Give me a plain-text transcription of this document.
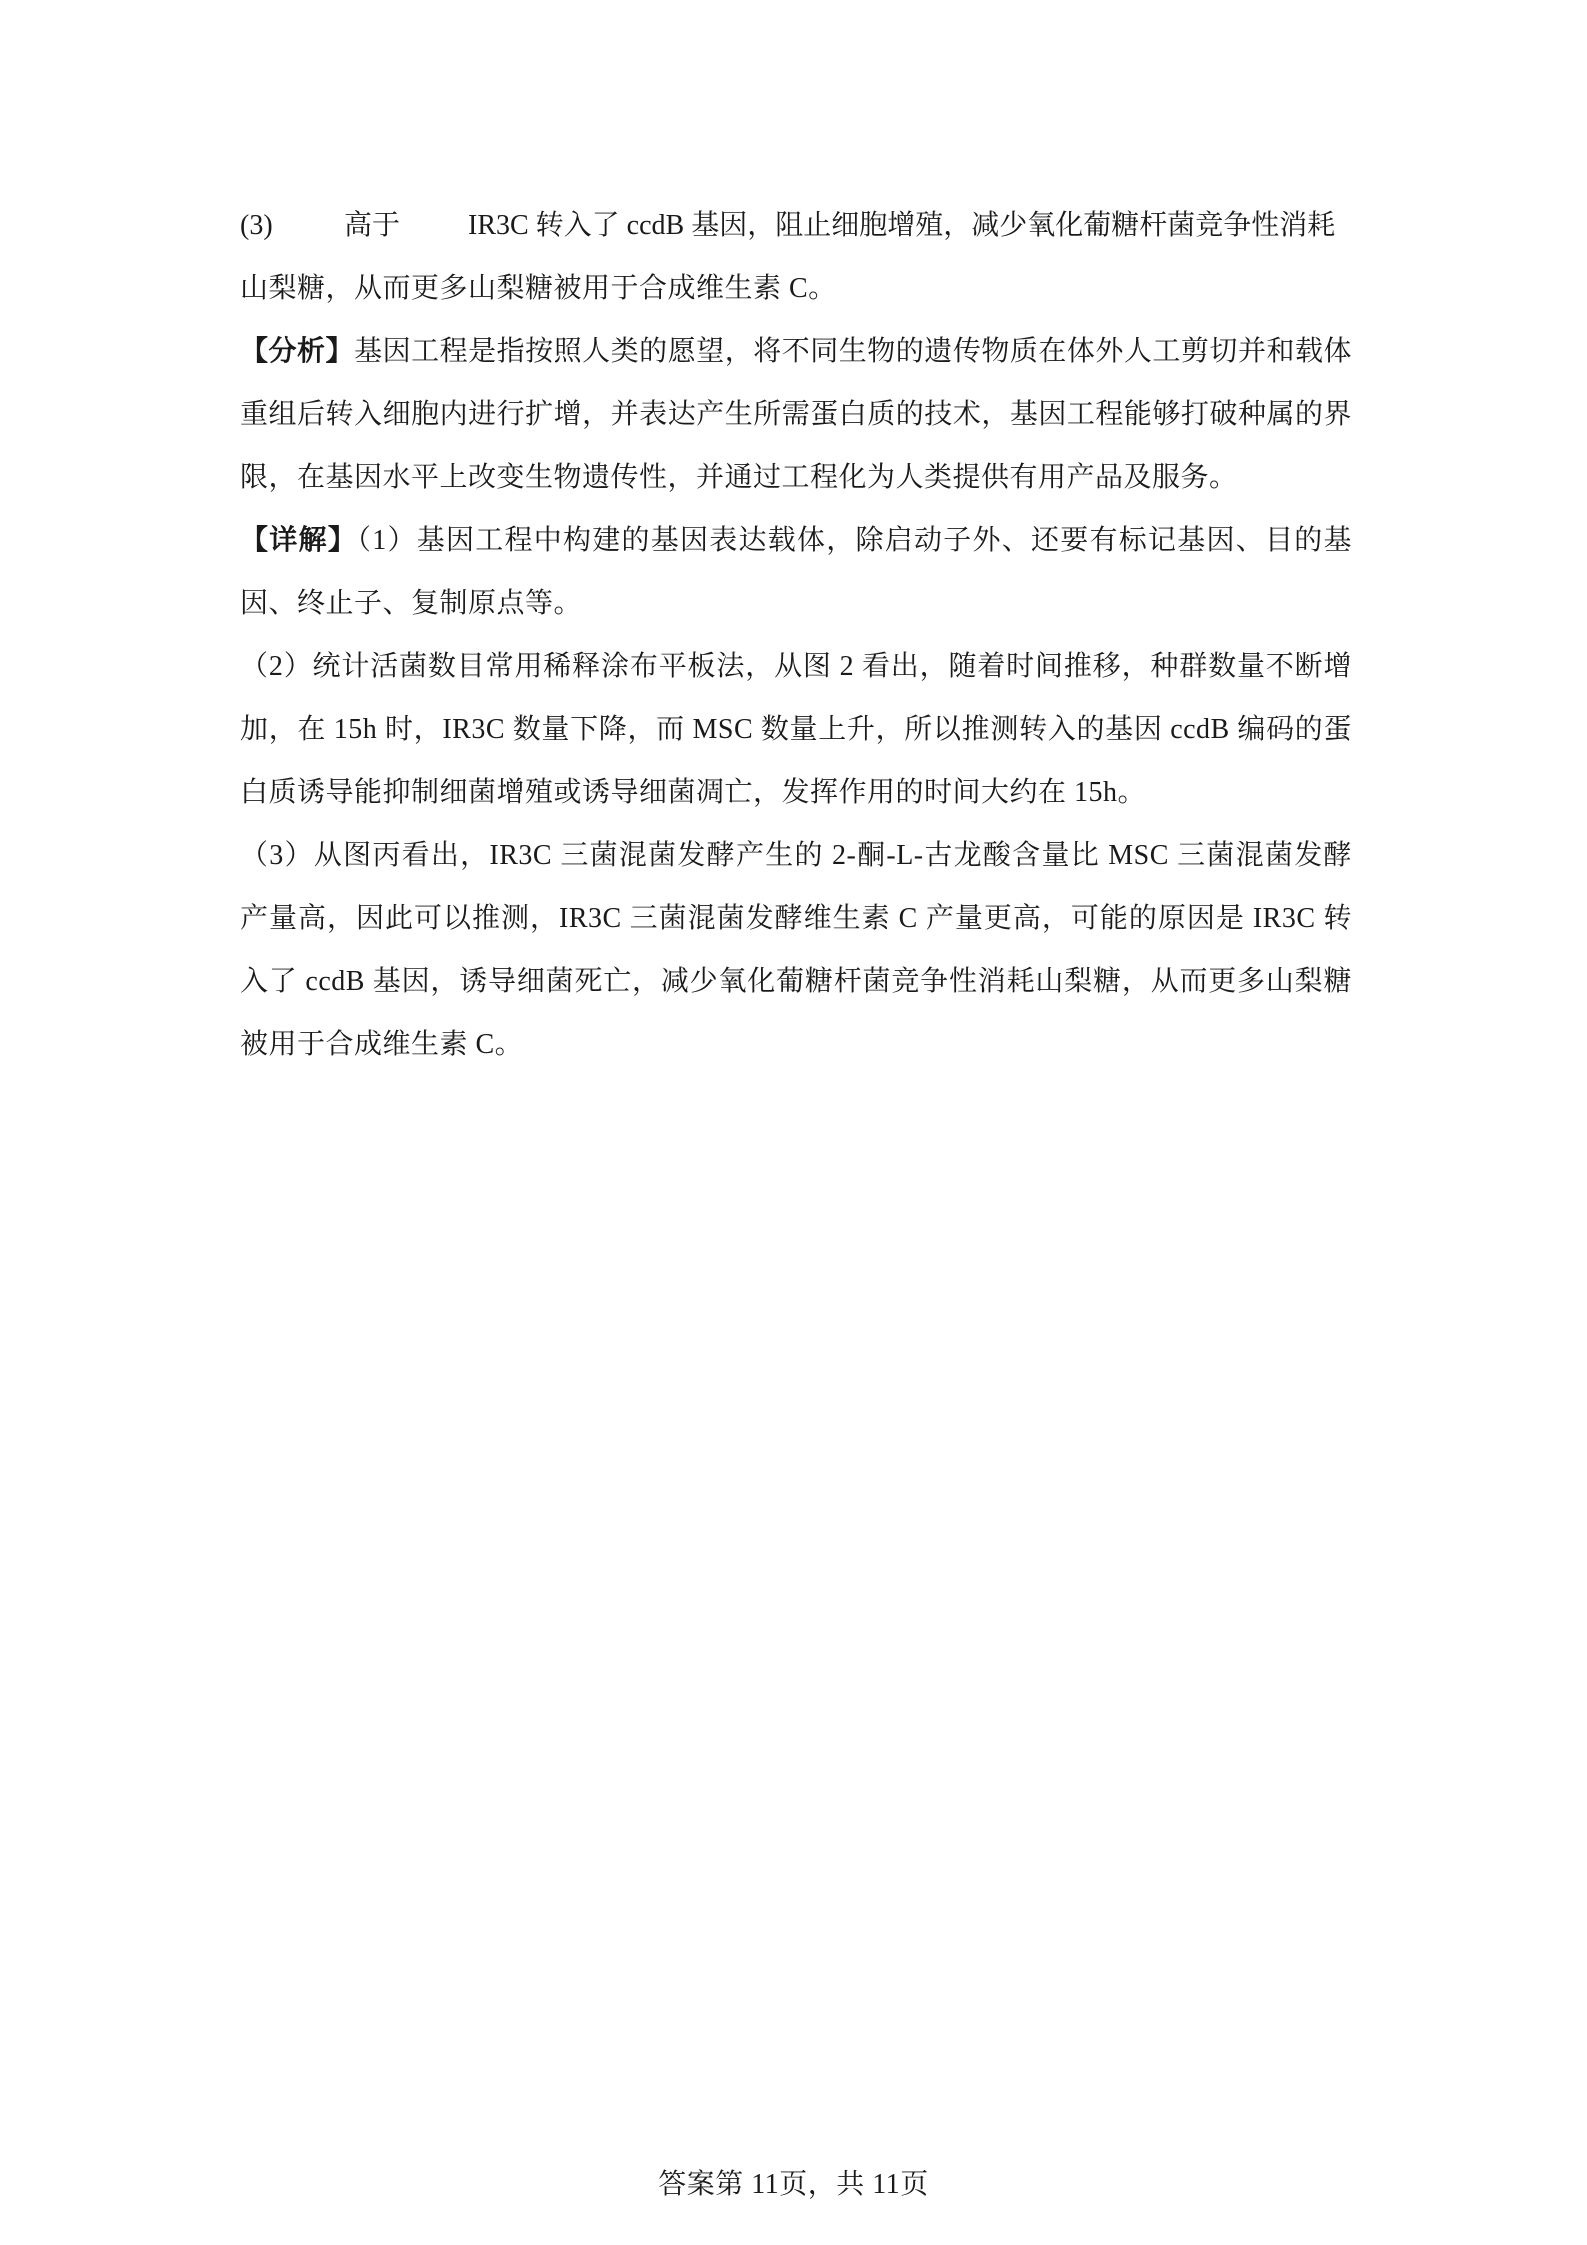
(3)	高于	IR3C 转入了 ccdB 基因，阻止细胞增殖，减少氧化葡糖杆菌竞争性消耗

山梨糖，从而更多山梨糖被用于合成维生素 C。

【分析】基因工程是指按照人类的愿望，将不同生物的遗传物质在体外人工剪切并和载体重组后转入细胞内进行扩增，并表达产生所需蛋白质的技术，基因工程能够打破种属的界限，在基因水平上改变生物遗传性，并通过工程化为人类提供有用产品及服务。

【详解】（1）基因工程中构建的基因表达载体，除启动子外、还要有标记基因、目的基因、终止子、复制原点等。

（2）统计活菌数目常用稀释涂布平板法，从图 2 看出，随着时间推移，种群数量不断增加，在 15h 时，IR3C 数量下降，而 MSC 数量上升，所以推测转入的基因 ccdB 编码的蛋白质诱导能抑制细菌增殖或诱导细菌凋亡，发挥作用的时间大约在 15h。

（3）从图丙看出，IR3C 三菌混菌发酵产生的 2-酮-L-古龙酸含量比 MSC 三菌混菌发酵产量高，因此可以推测，IR3C 三菌混菌发酵维生素 C 产量更高，可能的原因是 IR3C 转入了 ccdB 基因，诱导细菌死亡，减少氧化葡糖杆菌竞争性消耗山梨糖，从而更多山梨糖被用于合成维生素 C。

答案第 11页，共 11页
